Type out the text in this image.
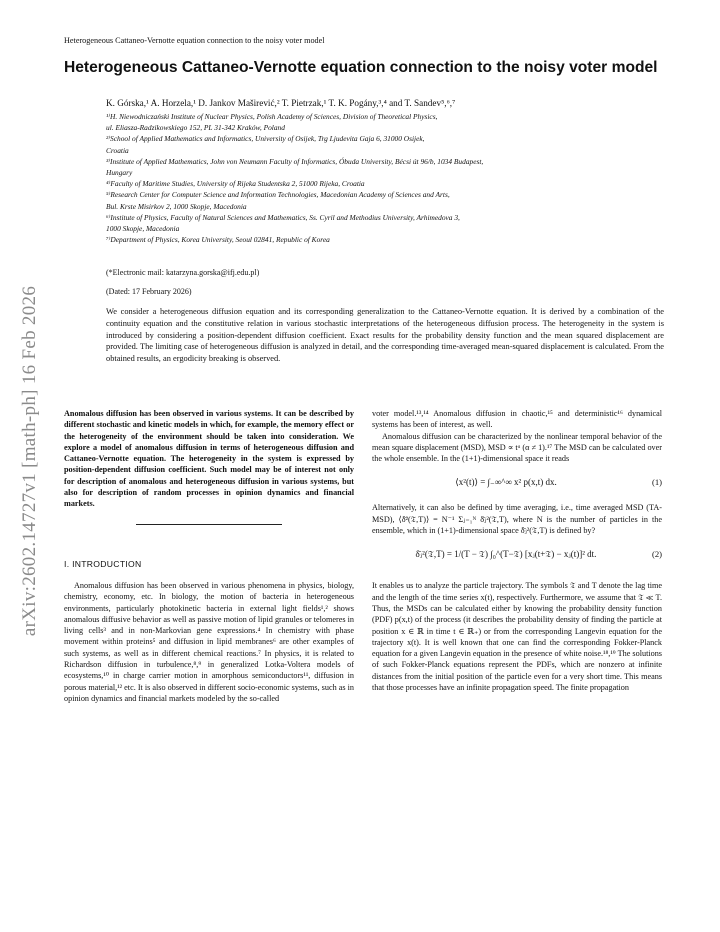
arXiv:2602.14727v1 [math-ph] 16 Feb 2026
Heterogeneous Cattaneo-Vernotte equation connection to the noisy voter model
Heterogeneous Cattaneo-Vernotte equation connection to the noisy voter model
K. Górska,¹ A. Horzela,¹ D. Jankov Maširević,² T. Pietrzak,¹ T. K. Pogány,³,⁴ and T. Sandev⁵,⁶,⁷
¹⁾H. Niewodniczański Institute of Nuclear Physics, Polish Academy of Sciences, Division of Theoretical Physics,
ul. Eliasza-Radzikowskiego 152, PL 31-342 Kraków, Poland
²⁾School of Applied Mathematics and Informatics, University of Osijek, Trg Ljudevita Gaja 6, 31000 Osijek,
Croatia
³⁾Institute of Applied Mathematics, John von Neumann Faculty of Informatics, Óbuda University, Bécsi út 96/b, 1034 Budapest,
Hungary
⁴⁾Faculty of Maritime Studies, University of Rijeka Studentska 2, 51000 Rijeka, Croatia
⁵⁾Research Center for Computer Science and Information Technologies, Macedonian Academy of Sciences and Arts,
Bul. Krste Misirkov 2, 1000 Skopje, Macedonia
⁶⁾Institute of Physics, Faculty of Natural Sciences and Mathematics, Ss. Cyril and Methodius University, Arhimedova 3,
1000 Skopje, Macedonia
⁷⁾Department of Physics, Korea University, Seoul 02841, Republic of Korea
(*Electronic mail: katarzyna.gorska@ifj.edu.pl)
(Dated: 17 February 2026)
We consider a heterogeneous diffusion equation and its corresponding generalization to the Cattaneo-Vernotte equation. It is derived by a combination of the continuity equation and the constitutive relation in various stochastic interpretations of the heterogeneous diffusion process. The heterogeneity in the system is introduced by considering a position-dependent diffusion coefficient. Exact results for the probability density function and the mean squared displacement are provided. The limiting case of heterogeneous diffusion is analyzed in detail, and the corresponding time-averaged mean-squared displacement is calculated. From the obtained results, an ergodicity breaking is observed.

Anomalous diffusion has been observed in various systems. It can be described by different stochastic and kinetic models in which, for example, the memory effect or the heterogeneity of the environment should be taken into consideration. We explore a model of anomalous diffusion in terms of heterogeneous diffusion and Cattaneo-Vernotte equation. The heterogeneity in the system is expressed by position-dependent diffusion coefficient. Such model may be of interest not only for description of anomalous and heterogeneous diffusion in various systems, but also for description of random processes in opinion dynamics and financial markets.

I. INTRODUCTION

Anomalous diffusion has been observed in various phenomena in physics, biology, chemistry, economy, etc. In biology, the motion of bacteria in heterogeneous environments, particularly photokinetic bacteria in external light fields¹,² shows anomalous diffusive behavior as well as passive motion of lipid granules or telomeres in living cells³ and in non-Markovian gene expressions.⁴ In chemistry with phase movement within proteins⁵ and diffusion in lipid membranes⁶ are other examples of such systems, as well as in different chemical reactions.⁷ In physics, it is related to Richardson diffusion in turbulence,⁸,⁹ in generalized Lotka-Voltera models of ecosystems,¹⁰ in charge carrier motion in amorphous semiconductors¹¹, diffusion in porous material,¹² etc. It is also observed in different socio-economic systems, such as in opinion dynamics and financial markets modeled by the so-called

voter model.¹³,¹⁴ Anomalous diffusion in chaotic,¹⁵ and deterministic¹⁶ dynamical systems has been of interest, as well.

Anomalous diffusion can be characterized by the nonlinear temporal behavior of the mean square displacement (MSD), MSD ∝ tᵅ (α ≠ 1).¹⁷ The MSD can be calculated over the whole ensemble. In the (1+1)-dimensional space it reads

⟨x²(t)⟩ = ∫₋∞^∞ x² p(x,t) dx.	(1)

Alternatively, it can also be defined by time averaging, i.e., time averaged MSD (TA-MSD), ⟨δ̄²(𝔗,T)⟩ = N⁻¹ Σⱼ₌₁ᴺ δ̄ⱼ²(𝔗,T), where N is the number of particles in the ensemble, which in (1+1)-dimensional space δ̄ⱼ²(𝔗,T) is defined by?

δ̄ⱼ²(𝔗,T) = 1/(T − 𝔗) ∫₀^(T−𝔗) [xⱼ(t+𝔗) − xⱼ(t)]² dt.	(2)

It enables us to analyze the particle trajectory. The symbols 𝔗 and T denote the lag time and the length of the time series x(t), respectively. Furthermore, we assume that 𝔗 ≪ T. Thus, the MSDs can be calculated either by knowing the probability density function (PDF) p(x,t) of the process (it describes the probability density of finding the particle at position x ∈ ℝ in time t ∈ ℝ₊) or from the corresponding Langevin equation for the trajectory x(t). It is well known that one can find the corresponding Fokker-Planck equation for a given Langevin equation in the presence of white noise.¹⁸,¹⁹ The solutions of such Fokker-Planck equations represent the PDFs, which are nonzero at infinite distances from the initial position of the particle even for a very short time. This means that those processes have an infinite propagation speed. The finite propagation
